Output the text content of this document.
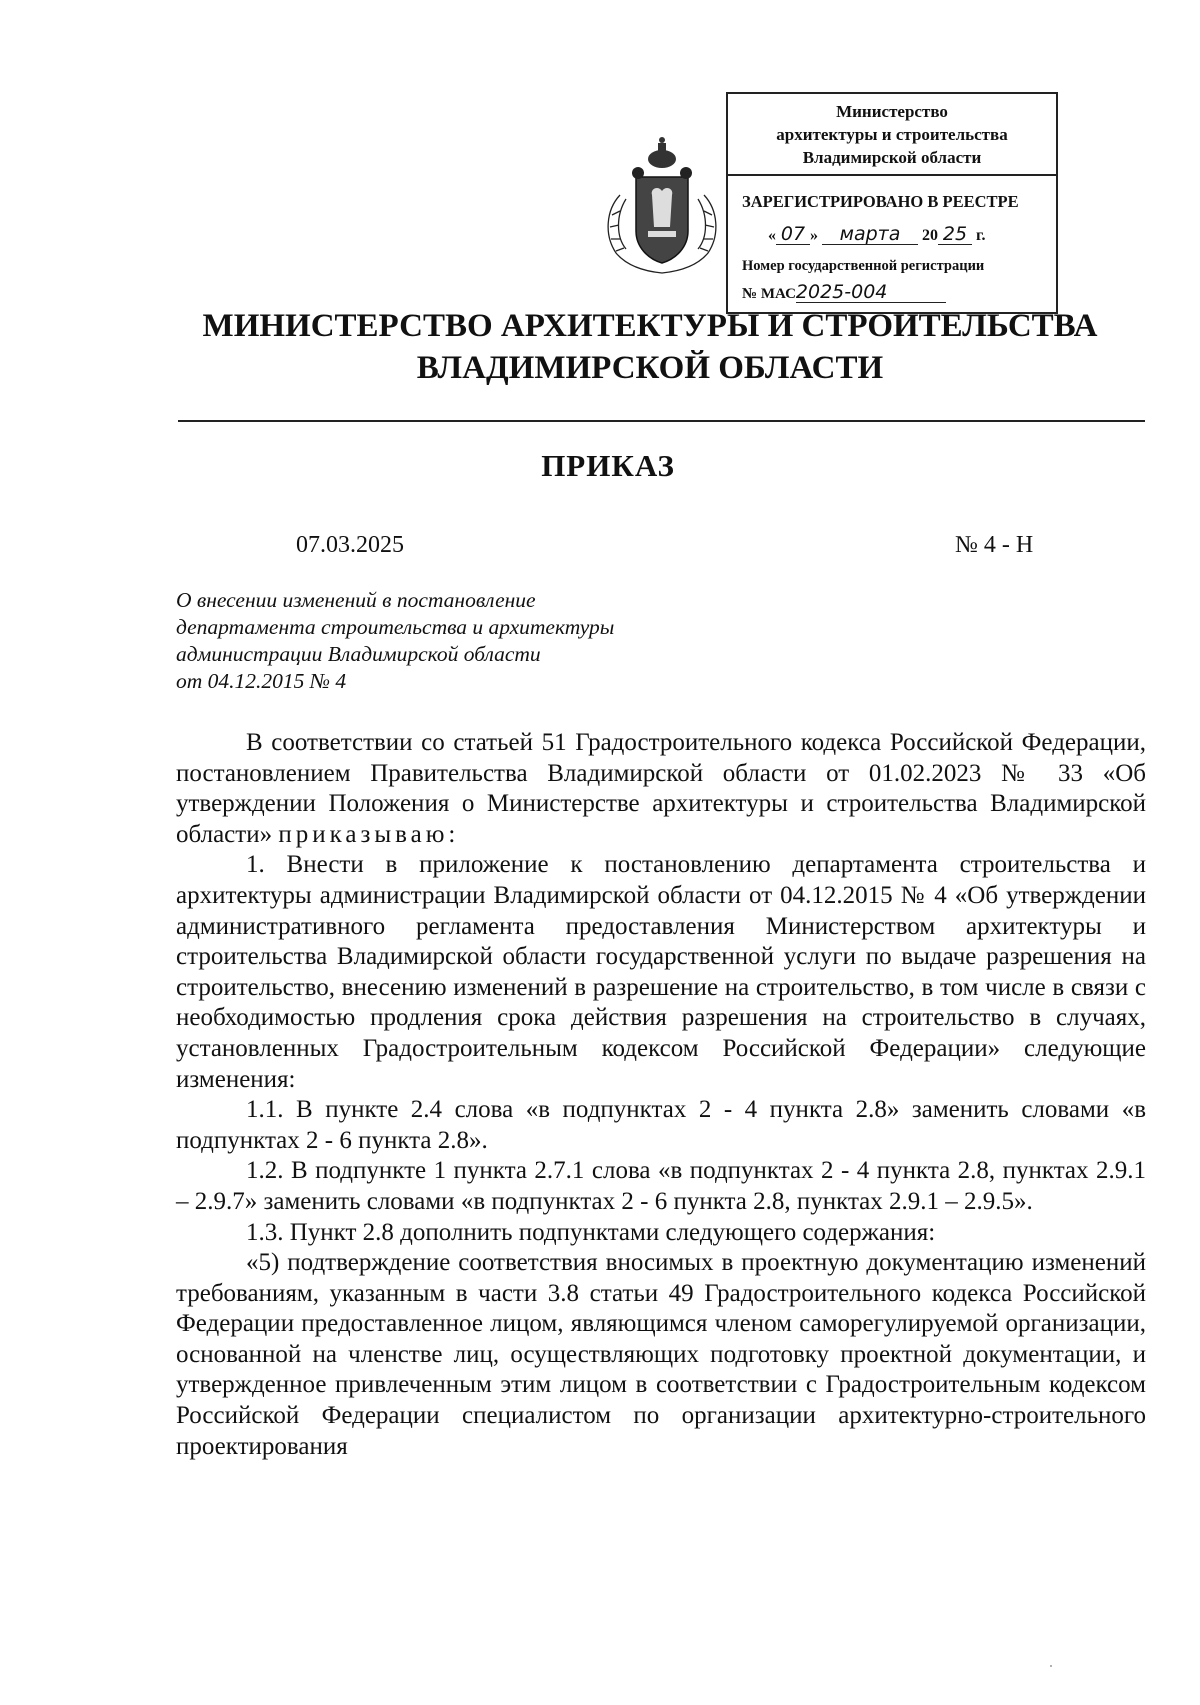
Министерство
архитектуры и строительства
Владимирской области
ЗАРЕГИСТРИРОВАНО В РЕЕСТРЕ
« 07 » марта 20 25 г.
Номер государственной регистрации
№ МАС2025-004
МИНИСТЕРСТВО АРХИТЕКТУРЫ И СТРОИТЕЛЬСТВА
ВЛАДИМИРСКОЙ ОБЛАСТИ
ПРИКАЗ
07.03.2025	№ 4 - Н
О внесении изменений в постановление
департамента строительства и архитектуры
администрации Владимирской области
от 04.12.2015 № 4

В соответствии со статьей 51 Градостроительного кодекса Российской Федерации, постановлением Правительства Владимирской области от 01.02.2023 № 33 «Об утверждении Положения о Министерстве архитектуры и строительства Владимирской области» приказываю:

1. Внести в приложение к постановлению департамента строительства и архитектуры администрации Владимирской области от 04.12.2015 № 4 «Об утверждении административного регламента предоставления Министерством архитектуры и строительства Владимирской области государственной услуги по выдаче разрешения на строительство, внесению изменений в разрешение на строительство, в том числе в связи с необходимостью продления срока действия разрешения на строительство в случаях, установленных Градостроительным кодексом Российской Федерации» следующие изменения:

1.1. В пункте 2.4 слова «в подпунктах 2 - 4 пункта 2.8» заменить словами «в подпунктах 2 - 6 пункта 2.8».

1.2. В подпункте 1 пункта 2.7.1 слова «в подпунктах 2 - 4 пункта 2.8, пунктах 2.9.1 – 2.9.7» заменить словами «в подпунктах 2 - 6 пункта 2.8, пунктах 2.9.1 – 2.9.5».

1.3. Пункт 2.8 дополнить подпунктами следующего содержания:

«5) подтверждение соответствия вносимых в проектную документацию изменений требованиям, указанным в части 3.8 статьи 49 Градостроительного кодекса Российской Федерации предоставленное лицом, являющимся членом саморегулируемой организации, основанной на членстве лиц, осуществляющих подготовку проектной документации, и утвержденное привлеченным этим лицом в соответствии с Градостроительным кодексом Российской Федерации специалистом по организации архитектурно-строительного проектирования
